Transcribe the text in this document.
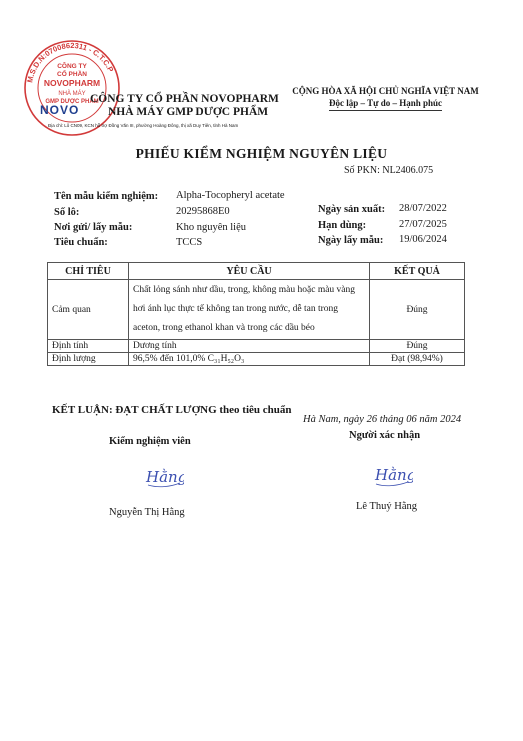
M.S.D.N:0700862311 - C.T.C.P
CÔNG TY
CỔ PHẦN
NOVOPHARM
NHÀ MÁY
GMP DƯỢC PHẨM
NOVO
CÔNG TY CỔ PHẦN NOVOPHARM
NHÀ MÁY GMP DƯỢC PHẨM
Địa chỉ: Lô CN09, KCN hỗ trợ Đồng Văn III, phường Hoàng Đông, thị xã Duy Tiên, tỉnh Hà Nam
CỘNG HÒA XÃ HỘI CHỦ NGHĨA VIỆT NAM
Độc lập – Tự do – Hạnh phúc
PHIẾU KIỂM NGHIỆM NGUYÊN LIỆU
Số PKN: NL2406.075
Tên mẫu kiểm nghiệm: Alpha-Tocopheryl acetate
Số lô:	20295868E0
Nơi gửi/ lấy mẫu:	Kho nguyên liệu
Tiêu chuẩn:	TCCS
Ngày sản xuất: 28/07/2022
Hạn dùng:	27/07/2025
Ngày lấy mẫu: 19/06/2024
CHỈ TIÊU	YÊU CẦU	KẾT QUẢ
Cảm quan	Chất lỏng sánh như dầu, trong, không màu hoặc màu vàng hơi ánh lục thực tế không tan trong nước, dễ tan trong aceton, trong ethanol khan và trong các dầu béo	Đúng
Định tính	Dương tính	Đúng
Định lượng	96,5% đến 101,0% C₃₁H₅₂O₃	Đạt (98,94%)
KẾT LUẬN: ĐẠT CHẤT LƯỢNG theo tiêu chuẩn
Hà Nam, ngày 26 tháng 06 năm 2024
Kiểm nghiệm viên
Người xác nhận
Hằng	Hằng
Nguyễn Thị Hằng
Lê Thuý Hằng
